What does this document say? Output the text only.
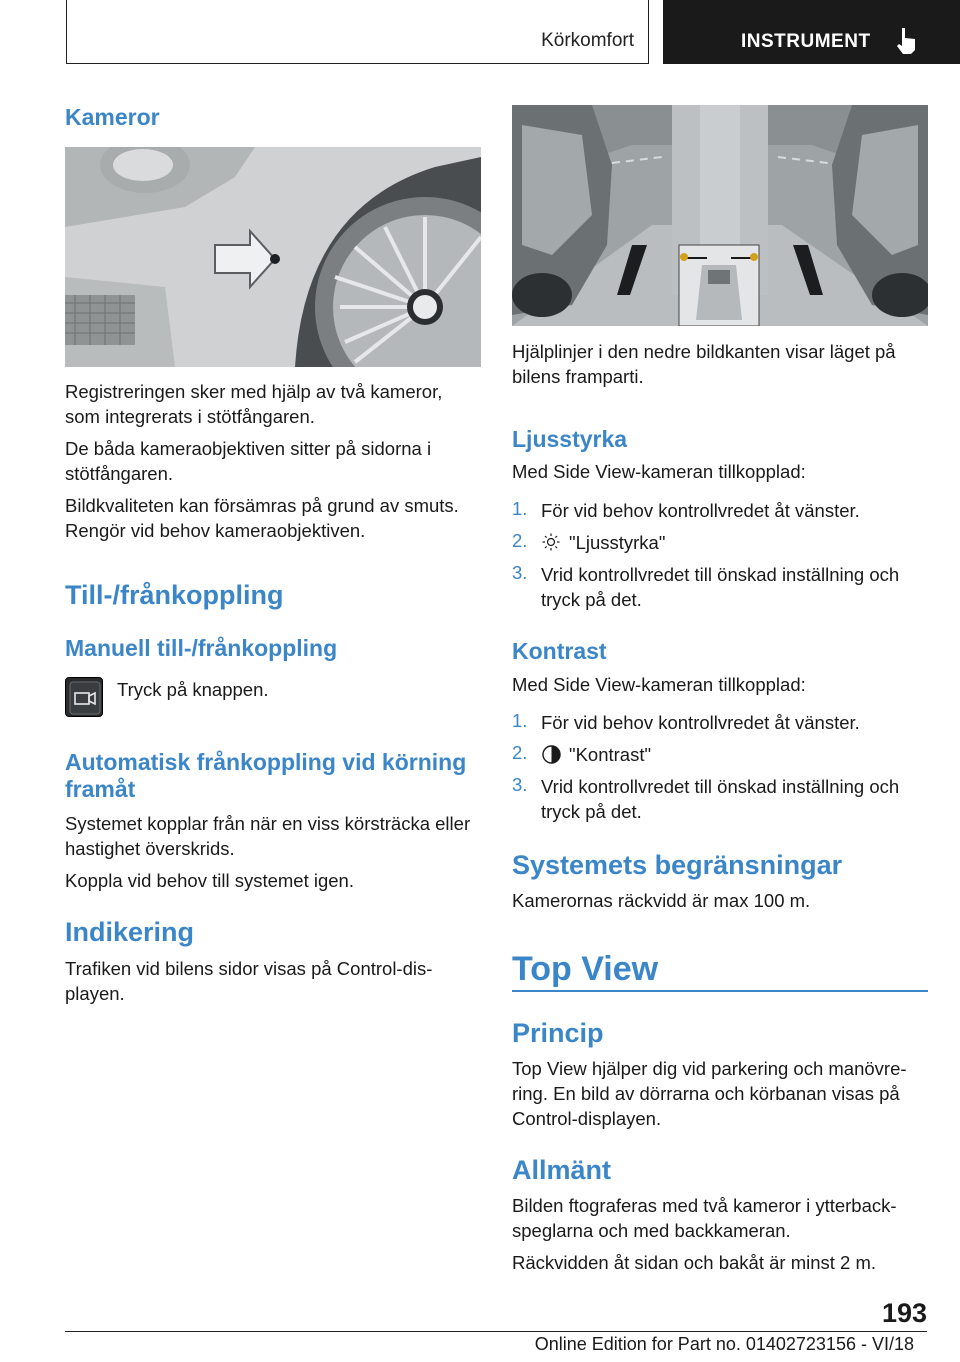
Körkomfort	INSTRUMENT
Kameror
Registreringen sker med hjälp av två kameror, som integrerats i stötfångaren.
De båda kameraobjektiven sitter på sidorna i stötfångaren.
Bildkvaliteten kan försämras på grund av smuts. Rengör vid behov kameraobjektiven.
Till-/frånkoppling
Manuell till-/frånkoppling
Tryck på knappen.
Automatisk frånkoppling vid körning framåt
Systemet kopplar från när en viss körsträcka eller hastighet överskrids.
Koppla vid behov till systemet igen.
Indikering
Trafiken vid bilens sidor visas på Control-dis-playen.
Hjälplinjer i den nedre bildkanten visar läget på bilens framparti.
Ljusstyrka
Med Side View-kameran tillkopplad:
1. För vid behov kontrollvredet åt vänster.
2. "Ljusstyrka"
3. Vrid kontrollvredet till önskad inställning och tryck på det.
Kontrast
Med Side View-kameran tillkopplad:
1. För vid behov kontrollvredet åt vänster.
2. "Kontrast"
3. Vrid kontrollvredet till önskad inställning och tryck på det.
Systemets begränsningar
Kamerornas räckvidd är max 100 m.
Top View
Princip
Top View hjälper dig vid parkering och manövre-ring. En bild av dörrarna och körbanan visas på Control-displayen.
Allmänt
Bilden ftograferas med två kameror i ytterback-speglarna och med backkameran.
Räckvidden åt sidan och bakåt är minst 2 m.
193
Online Edition for Part no. 01402723156 - VI/18
